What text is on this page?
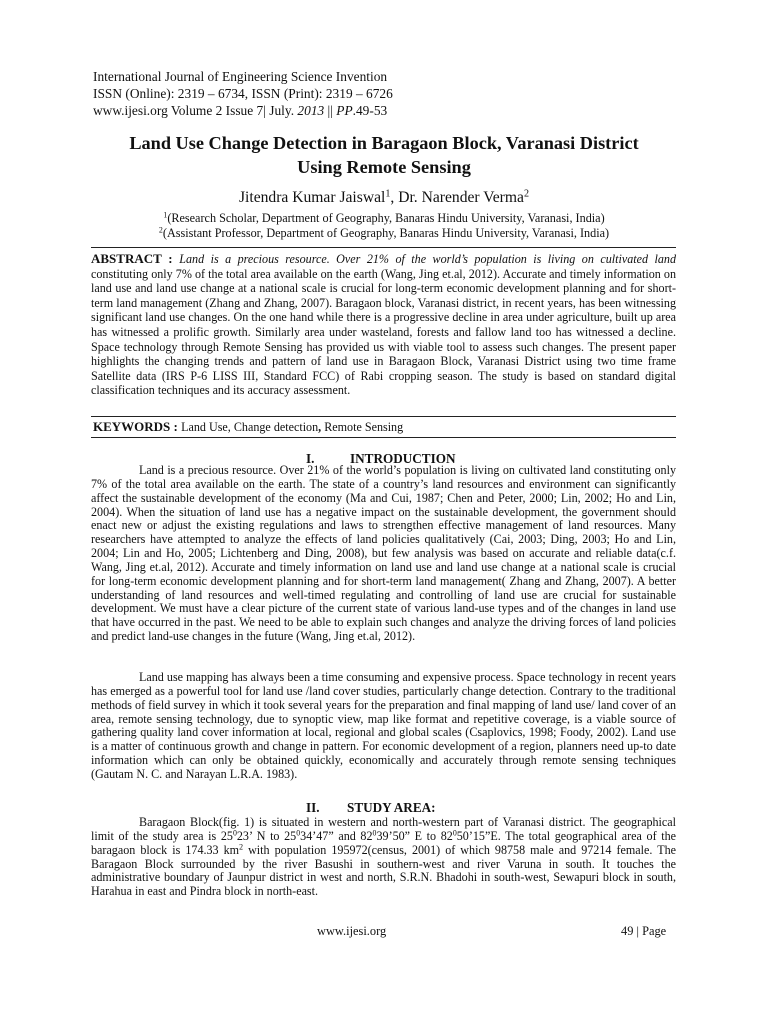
International Journal of Engineering Science Invention
ISSN (Online): 2319 – 6734, ISSN (Print): 2319 – 6726
www.ijesi.org Volume 2 Issue 7| July. 2013 || PP.49-53
Land Use Change Detection in Baragaon Block, Varanasi District
Using Remote Sensing
Jitendra Kumar Jaiswal$^1$, Dr. Narender Verma$^2$
$^1$(Research Scholar, Department of Geography, Banaras Hindu University, Varanasi, India)
$^2$(Assistant Professor, Department of Geography, Banaras Hindu University, Varanasi, India)
ABSTRACT : Land is a precious resource. Over 21% of the world’s population is living on cultivated land constituting only 7% of the total area available on the earth (Wang, Jing et.al, 2012). Accurate and timely information on land use and land use change at a national scale is crucial for long-term economic development planning and for short-term land management (Zhang and Zhang, 2007). Baragaon block, Varanasi district, in recent years, has been witnessing significant land use changes. On the one hand while there is a progressive decline in area under agriculture, built up area has witnessed a prolific growth. Similarly area under wasteland, forests and fallow land too has witnessed a decline. Space technology through Remote Sensing has provided us with viable tool to assess such changes. The present paper highlights the changing trends and pattern of land use in Baragaon Block, Varanasi District using two time frame Satellite data (IRS P-6 LISS III, Standard FCC) of Rabi cropping season. The study is based on standard digital classification techniques and its accuracy assessment.
KEYWORDS : Land Use, Change detection, Remote Sensing
I.	INTRODUCTION

Land is a precious resource. Over 21% of the world’s population is living on cultivated land constituting only 7% of the total area available on the earth. The state of a country’s land resources and environment can significantly affect the sustainable development of the economy (Ma and Cui, 1987; Chen and Peter, 2000; Lin, 2002; Ho and Lin, 2004). When the situation of land use has a negative impact on the sustainable development, the government should enact new or adjust the existing regulations and laws to strengthen effective management of land resources. Many researchers have attempted to analyze the effects of land policies qualitatively (Cai, 2003; Ding, 2003; Ho and Lin, 2004; Lin and Ho, 2005; Lichtenberg and Ding, 2008), but few analysis was based on accurate and reliable data(c.f. Wang, Jing et.al, 2012). Accurate and timely information on land use and land use change at a national scale is crucial for long-term economic development planning and for short-term land management( Zhang and Zhang, 2007). A better understanding of land resources and well-timed regulating and controlling of land use are crucial for sustainable development. We must have a clear picture of the current state of various land-use types and of the changes in land use that have occurred in the past. We need to be able to explain such changes and analyze the driving forces of land policies and predict land-use changes in the future (Wang, Jing et.al, 2012).

Land use mapping has always been a time consuming and expensive process. Space technology in recent years has emerged as a powerful tool for land use /land cover studies, particularly change detection. Contrary to the traditional methods of field survey in which it took several years for the preparation and final mapping of land use/ land cover of an area, remote sensing technology, due to synoptic view, map like format and repetitive coverage, is a viable source of gathering quality land cover information at local, regional and global scales (Csaplovics, 1998; Foody, 2002). Land use is a matter of continuous growth and change in pattern. For economic development of a region, planners need up-to date information which can only be obtained quickly, economically and accurately through remote sensing techniques (Gautam N. C. and Narayan L.R.A. 1983).

II. STUDY AREA:

Baragaon Block(fig. 1) is situated in western and north-western part of Varanasi district. The geographical limit of the study area is $25^023$’ N to $25^034’47$” and $82^039’50$” E to $82^050’15”E$. The total geographical area of the baragaon block is 174.33 $km^2$ with population 195972(census, 2001) of which 98758 male and 97214 female. The Baragaon Block surrounded by the river Basushi in southern-west and river Varuna in south. It touches the administrative boundary of Jaunpur district in west and north, S.R.N. Bhadohi in south-west, Sewapuri block in south, Harahua in east and Pindra block in north-east.

www.ijesi.org	49 | Page
